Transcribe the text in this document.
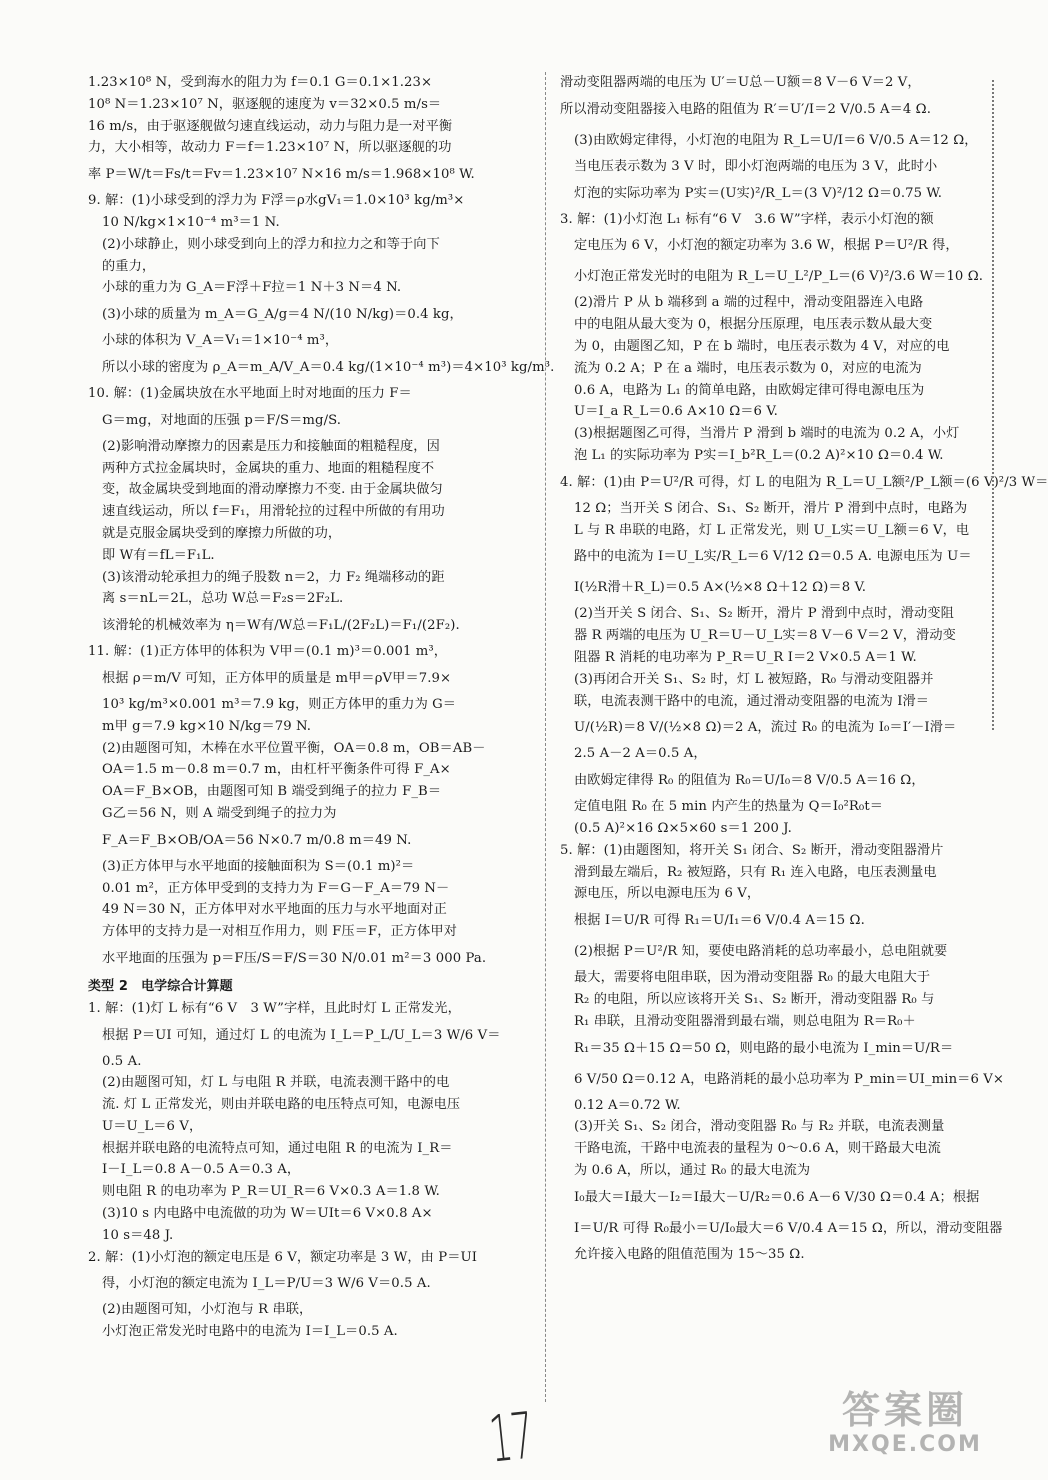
1.23×10⁸ N，受到海水的阻力为 f＝0.1 G＝0.1×1.23×
10⁸ N＝1.23×10⁷ N，驱逐舰的速度为 v＝32×0.5 m/s＝
16 m/s，由于驱逐舰做匀速直线运动，动力与阻力是一对平衡
力，大小相等，故动力 F＝f＝1.23×10⁷ N，所以驱逐舰的功
率 P＝W/t＝Fs/t＝Fv＝1.23×10⁷ N×16 m/s＝1.968×10⁸ W.
9. 解：(1)小球受到的浮力为 F浮＝ρ水gV₁＝1.0×10³ kg/m³×
10 N/kg×1×10⁻⁴ m³＝1 N.
(2)小球静止，则小球受到向上的浮力和拉力之和等于向下
的重力，
小球的重力为 G_A＝F浮＋F拉＝1 N＋3 N＝4 N.
(3)小球的质量为 m_A＝G_A/g＝4 N/(10 N/kg)＝0.4 kg，
小球的体积为 V_A＝V₁＝1×10⁻⁴ m³，
所以小球的密度为 ρ_A＝m_A/V_A＝0.4 kg/(1×10⁻⁴ m³)＝4×10³ kg/m³.
10. 解：(1)金属块放在水平地面上时对地面的压力 F＝
G＝mg，对地面的压强 p＝F/S＝mg/S.
(2)影响滑动摩擦力的因素是压力和接触面的粗糙程度，因
两种方式拉金属块时，金属块的重力、地面的粗糙程度不
变，故金属块受到地面的滑动摩擦力不变. 由于金属块做匀
速直线运动，所以 f＝F₁，用滑轮拉的过程中所做的有用功
就是克服金属块受到的摩擦力所做的功，
即 W有＝fL＝F₁L.
(3)该滑动轮承担力的绳子股数 n＝2，力 F₂ 绳端移动的距
离 s＝nL＝2L，总功 W总＝F₂s＝2F₂L.
该滑轮的机械效率为 η＝W有/W总＝F₁L/(2F₂L)＝F₁/(2F₂).
11. 解：(1)正方体甲的体积为 V甲＝(0.1 m)³＝0.001 m³，
根据 ρ＝m/V 可知，正方体甲的质量是 m甲＝ρV甲＝7.9×
10³ kg/m³×0.001 m³＝7.9 kg，则正方体甲的重力为 G＝
m甲 g＝7.9 kg×10 N/kg＝79 N.
(2)由题图可知，木棒在水平位置平衡，OA＝0.8 m，OB＝AB－
OA＝1.5 m－0.8 m＝0.7 m，由杠杆平衡条件可得 F_A×
OA＝F_B×OB，由题图可知 B 端受到绳子的拉力 F_B＝
G乙＝56 N，则 A 端受到绳子的拉力为
F_A＝F_B×OB/OA＝56 N×0.7 m/0.8 m＝49 N.
(3)正方体甲与水平地面的接触面积为 S＝(0.1 m)²＝
0.01 m²，正方体甲受到的支持力为 F＝G－F_A＝79 N－
49 N＝30 N，正方体甲对水平地面的压力与水平地面对正
方体甲的支持力是一对相互作用力，则 F压＝F，正方体甲对
水平地面的压强为 p＝F压/S＝F/S＝30 N/0.01 m²＝3 000 Pa.
类型 2　电学综合计算题
1. 解：(1)灯 L 标有“6 V　3 W”字样，且此时灯 L 正常发光，
根据 P＝UI 可知，通过灯 L 的电流为 I_L＝P_L/U_L＝3 W/6 V＝
0.5 A.
(2)由题图可知，灯 L 与电阻 R 并联，电流表测干路中的电
流. 灯 L 正常发光，则由并联电路的电压特点可知，电源电压
U＝U_L＝6 V，
根据并联电路的电流特点可知，通过电阻 R 的电流为 I_R＝
I－I_L＝0.8 A－0.5 A＝0.3 A，
则电阻 R 的电功率为 P_R＝UI_R＝6 V×0.3 A＝1.8 W.
(3)10 s 内电路中电流做的功为 W＝UIt＝6 V×0.8 A×
10 s＝48 J.
2. 解：(1)小灯泡的额定电压是 6 V，额定功率是 3 W，由 P＝UI
得，小灯泡的额定电流为 I_L＝P/U＝3 W/6 V＝0.5 A.
(2)由题图可知，小灯泡与 R 串联，
小灯泡正常发光时电路中的电流为 I＝I_L＝0.5 A.
滑动变阻器两端的电压为 U′＝U总－U额＝8 V－6 V＝2 V，
所以滑动变阻器接入电路的阻值为 R′＝U′/I＝2 V/0.5 A＝4 Ω.
(3)由欧姆定律得，小灯泡的电阻为 R_L＝U/I＝6 V/0.5 A＝12 Ω，
当电压表示数为 3 V 时，即小灯泡两端的电压为 3 V，此时小
灯泡的实际功率为 P实＝(U实)²/R_L＝(3 V)²/12 Ω＝0.75 W.
3. 解：(1)小灯泡 L₁ 标有“6 V　3.6 W”字样，表示小灯泡的额
定电压为 6 V，小灯泡的额定功率为 3.6 W，根据 P＝U²/R 得，
小灯泡正常发光时的电阻为 R_L＝U_L²/P_L＝(6 V)²/3.6 W＝10 Ω.
(2)滑片 P 从 b 端移到 a 端的过程中，滑动变阻器连入电路
中的电阻从最大变为 0，根据分压原理，电压表示数从最大变
为 0，由题图乙知，P 在 b 端时，电压表示数为 4 V，对应的电
流为 0.2 A；P 在 a 端时，电压表示数为 0，对应的电流为
0.6 A，电路为 L₁ 的简单电路，由欧姆定律可得电源电压为
U＝I_a R_L＝0.6 A×10 Ω＝6 V.
(3)根据题图乙可得，当滑片 P 滑到 b 端时的电流为 0.2 A，小灯
泡 L₁ 的实际功率为 P实＝I_b²R_L＝(0.2 A)²×10 Ω＝0.4 W.
4. 解：(1)由 P＝U²/R 可得，灯 L 的电阻为 R_L＝U_L额²/P_L额＝(6 V)²/3 W＝
12 Ω；当开关 S 闭合、S₁、S₂ 断开，滑片 P 滑到中点时，电路为
L 与 R 串联的电路，灯 L 正常发光，则 U_L实＝U_L额＝6 V，电
路中的电流为 I＝U_L实/R_L＝6 V/12 Ω＝0.5 A. 电源电压为 U＝
I(½R滑＋R_L)＝0.5 A×(½×8 Ω＋12 Ω)＝8 V.
(2)当开关 S 闭合、S₁、S₂ 断开，滑片 P 滑到中点时，滑动变阻
器 R 两端的电压为 U_R＝U－U_L实＝8 V－6 V＝2 V，滑动变
阻器 R 消耗的电功率为 P_R＝U_R I＝2 V×0.5 A＝1 W.
(3)再闭合开关 S₁、S₂ 时，灯 L 被短路，R₀ 与滑动变阻器并
联，电流表测干路中的电流，通过滑动变阻器的电流为 I滑＝
U/(½R)＝8 V/(½×8 Ω)＝2 A，流过 R₀ 的电流为 I₀＝I′－I滑＝
2.5 A－2 A＝0.5 A，
由欧姆定律得 R₀ 的阻值为 R₀＝U/I₀＝8 V/0.5 A＝16 Ω，
定值电阻 R₀ 在 5 min 内产生的热量为 Q＝I₀²R₀t＝
(0.5 A)²×16 Ω×5×60 s＝1 200 J.
5. 解：(1)由题图知，将开关 S₁ 闭合、S₂ 断开，滑动变阻器滑片
滑到最左端后，R₂ 被短路，只有 R₁ 连入电路，电压表测量电
源电压，所以电源电压为 6 V，
根据 I＝U/R 可得 R₁＝U/I₁＝6 V/0.4 A＝15 Ω.
(2)根据 P＝U²/R 知，要使电路消耗的总功率最小，总电阻就要
最大，需要将电阻串联，因为滑动变阻器 R₀ 的最大电阻大于
R₂ 的电阻，所以应该将开关 S₁、S₂ 断开，滑动变阻器 R₀ 与
R₁ 串联，且滑动变阻器滑到最右端，则总电阻为 R＝R₀＋
R₁＝35 Ω＋15 Ω＝50 Ω，则电路的最小电流为 I_min＝U/R＝
6 V/50 Ω＝0.12 A，电路消耗的最小总功率为 P_min＝UI_min＝6 V×
0.12 A＝0.72 W.
(3)开关 S₁、S₂ 闭合，滑动变阻器 R₀ 与 R₂ 并联，电流表测量
干路电流，干路中电流表的量程为 0～0.6 A，则干路最大电流
为 0.6 A，所以，通过 R₀ 的最大电流为
I₀最大＝I最大－I₂＝I最大－U/R₂＝0.6 A－6 V/30 Ω＝0.4 A；根据
I＝U/R 可得 R₀最小＝U/I₀最大＝6 V/0.4 A＝15 Ω，所以，滑动变阻器
允许接入电路的阻值范围为 15～35 Ω.
17	答案圈
MXQE.COM
